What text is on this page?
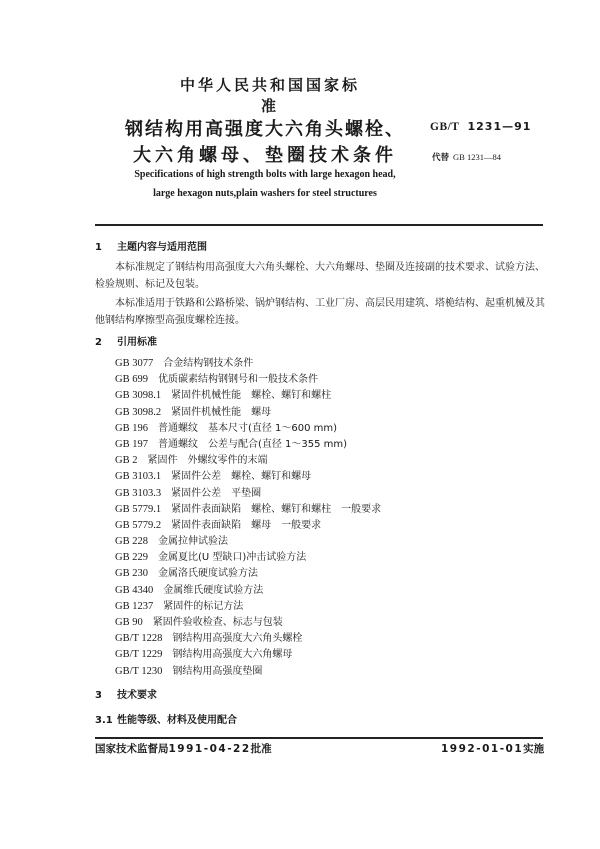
中华人民共和国国家标准
钢结构用高强度大六角头螺栓、
大六角螺母、垫圈技术条件
Specifications of high strength bolts with large hexagon head,
large hexagon nuts,plain washers for steel structures
GB/T 1231—91
代替 GB 1231—84
1 主题内容与适用范围
本标准规定了钢结构用高强度大六角头螺栓、大六角螺母、垫圈及连接副的技术要求、试验方法、检验规则、标记及包装。
本标准适用于铁路和公路桥梁、锅炉钢结构、工业厂房、高层民用建筑、塔桅结构、起重机械及其他钢结构摩擦型高强度螺栓连接。
2 引用标准
GB 3077 合金结构钢技术条件
GB 699 优质碳素结构钢钢号和一般技术条件
GB 3098.1 紧固件机械性能　螺栓、螺钉和螺柱
GB 3098.2 紧固件机械性能　螺母
GB 196 普通螺纹　基本尺寸(直径 1～600 mm)
GB 197 普通螺纹　公差与配合(直径 1～355 mm)
GB 2 紧固件　外螺纹零件的末端
GB 3103.1 紧固件公差　螺栓、螺钉和螺母
GB 3103.3 紧固件公差　平垫圈
GB 5779.1 紧固件表面缺陷　螺栓、螺钉和螺柱　一般要求
GB 5779.2 紧固件表面缺陷　螺母　一般要求
GB 228 金属拉伸试验法
GB 229 金属夏比(U 型缺口)冲击试验方法
GB 230 金属洛氏硬度试验方法
GB 4340 金属维氏硬度试验方法
GB 1237 紧固件的标记方法
GB 90 紧固件验收检查、标志与包装
GB/T 1228 钢结构用高强度大六角头螺栓
GB/T 1229 钢结构用高强度大六角螺母
GB/T 1230 钢结构用高强度垫圈
3 技术要求
3.1 性能等级、材料及使用配合
国家技术监督局1991-04-22批准	1992-01-01实施
